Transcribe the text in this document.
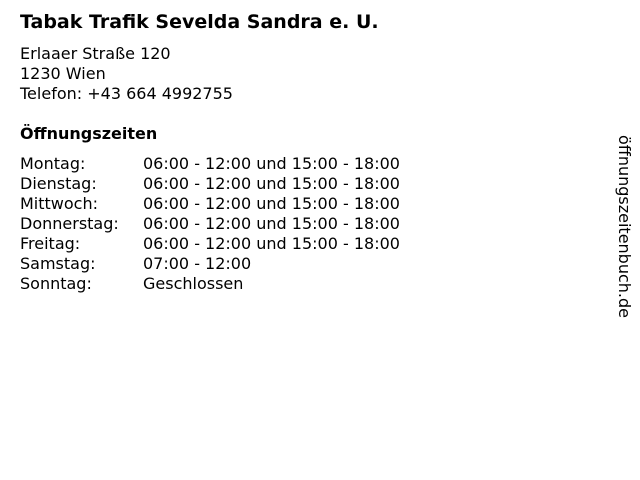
Tabak Trafik Sevelda Sandra e. U.
Erlaaer Straße 120
1230 Wien
Telefon: +43 664 4992755
Öffnungszeiten
Montag:	06:00 - 12:00 und 15:00 - 18:00
Dienstag:	06:00 - 12:00 und 15:00 - 18:00
Mittwoch:	06:00 - 12:00 und 15:00 - 18:00
Donnerstag:	06:00 - 12:00 und 15:00 - 18:00
Freitag:	06:00 - 12:00 und 15:00 - 18:00
Samstag:	07:00 - 12:00
Sonntag:	Geschlossen	öffnungszeitenbuch.de
